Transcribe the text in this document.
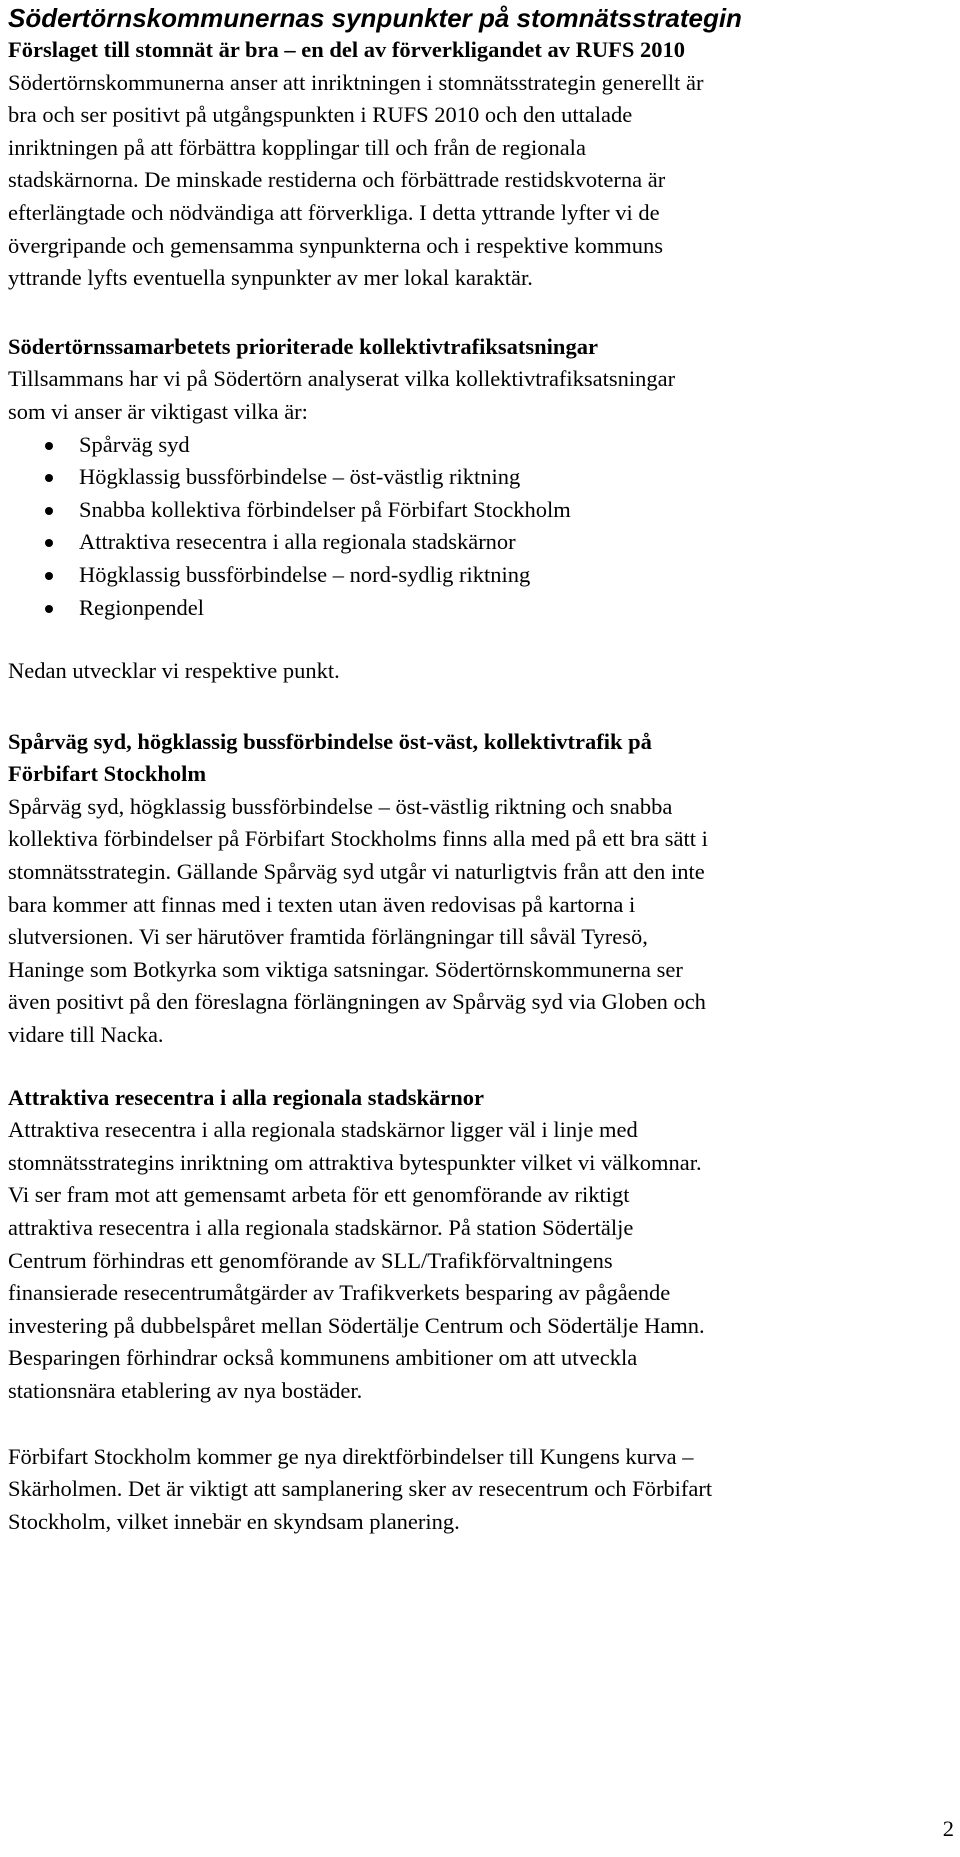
Södertörnskommunernas synpunkter på stomnätsstrategin

Förslaget till stomnät är bra – en del av förverkligandet av RUFS 2010

Södertörnskommunerna anser att inriktningen i stomnätsstrategin generellt är
bra och ser positivt på utgångspunkten i RUFS 2010 och den uttalade
inriktningen på att förbättra kopplingar till och från de regionala
stadskärnorna. De minskade restiderna och förbättrade restidskvoterna är
efterlängtade och nödvändiga att förverkliga. I detta yttrande lyfter vi de
övergripande och gemensamma synpunkterna och i respektive kommuns
yttrande lyfts eventuella synpunkter av mer lokal karaktär.

Södertörnssamarbetets prioriterade kollektivtrafiksatsningar

Tillsammans har vi på Södertörn analyserat vilka kollektivtrafiksatsningar
som vi anser är viktigast vilka är:
Spårväg syd
Högklassig bussförbindelse – öst-västlig riktning
Snabba kollektiva förbindelser på Förbifart Stockholm
Attraktiva resecentra i alla regionala stadskärnor
Högklassig bussförbindelse – nord-sydlig riktning
Regionpendel

Nedan utvecklar vi respektive punkt.

Spårväg syd, högklassig bussförbindelse öst-väst, kollektivtrafik på
Förbifart Stockholm
Spårväg syd, högklassig bussförbindelse – öst-västlig riktning och snabba
kollektiva förbindelser på Förbifart Stockholms finns alla med på ett bra sätt i
stomnätsstrategin. Gällande Spårväg syd utgår vi naturligtvis från att den inte
bara kommer att finnas med i texten utan även redovisas på kartorna i
slutversionen. Vi ser härutöver framtida förlängningar till såväl Tyresö,
Haninge som Botkyrka som viktiga satsningar. Södertörnskommunerna ser
även positivt på den föreslagna förlängningen av Spårväg syd via Globen och
vidare till Nacka.

Attraktiva resecentra i alla regionala stadskärnor

Attraktiva resecentra i alla regionala stadskärnor ligger väl i linje med
stomnätsstrategins inriktning om attraktiva bytespunkter vilket vi välkomnar.
Vi ser fram mot att gemensamt arbeta för ett genomförande av riktigt
attraktiva resecentra i alla regionala stadskärnor. På station Södertälje
Centrum förhindras ett genomförande av SLL/Trafikförvaltningens
finansierade resecentrumåtgärder av Trafikverkets besparing av pågående
investering på dubbelspåret mellan Södertälje Centrum och Södertälje Hamn.
Besparingen förhindrar också kommunens ambitioner om att utveckla
stationsnära etablering av nya bostäder.
Förbifart Stockholm kommer ge nya direktförbindelser till Kungens kurva –
Skärholmen. Det är viktigt att samplanering sker av resecentrum och Förbifart
Stockholm, vilket innebär en skyndsam planering.
2
